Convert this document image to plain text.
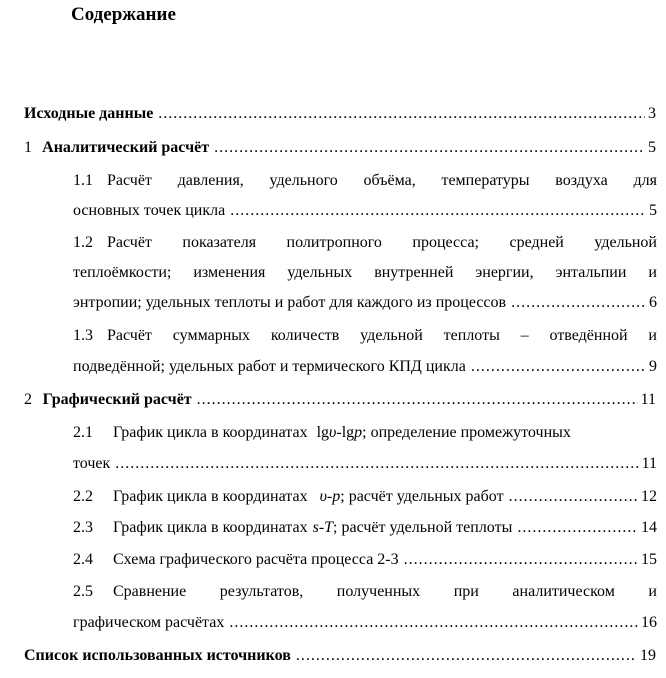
Содержание
Исходные данные .....	3
1 Аналитический расчёт .....	5
1.1 Расчёт давления, удельного объёма, температуры воздуха для
основных точек цикла .....	5
1.2 Расчёт показателя политропного процесса; средней удельной
теплоёмкости; изменения удельных внутренней энергии, энтальпии и
энтропии; удельных теплоты и работ для каждого из процессов .....	6
1.3 Расчёт суммарных количеств удельной теплоты – отведённой и
подведённой; удельных работ и термического КПД цикла .....	9
2 Графический расчёт .....	11
2.1 График цикла в координатах lg υ -lg p ; определение промежуточных
точек .....	11
2.2 График цикла в координатах υ - p ; расчёт удельных работ .....	12
2.3 График цикла в координатах s - T ; расчёт удельной теплоты .....	14
2.4 Схема графического расчёта процесса 2-3 .....	15
2.5 Сравнение результатов, полученных при аналитическом и
графическом расчётах .....	16
Список использованных источников .....	19
